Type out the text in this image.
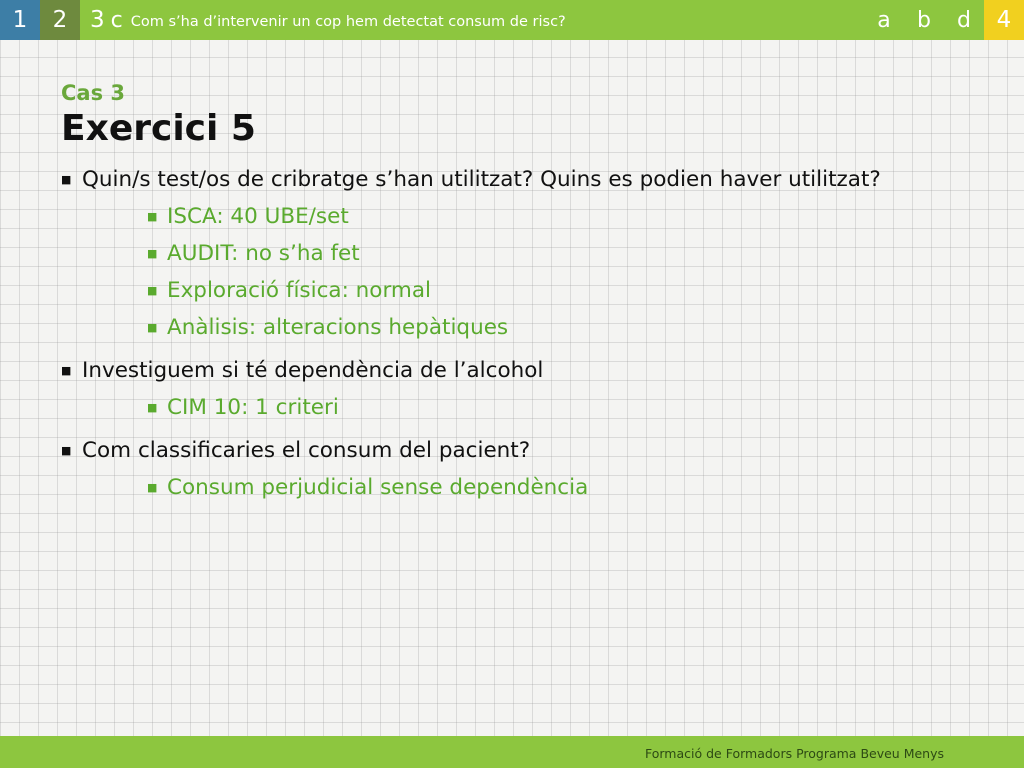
1	2 3 c Com s’ha d’intervenir un cop hem detectat consum de risc?	a	b	d	4

Cas 3

Exercici 5
■ Quin/s test/os de cribratge s’han utilitzat? Quins es podien haver utilitzat?
■ ISCA: 40 UBE/set
■ AUDIT: no s’ha fet
■ Exploració física: normal
■ Anàlisis: alteracions hepàtiques
■ Investiguem si té dependència de l’alcohol
■ CIM 10: 1 criteri
■ Com classificaries el consum del pacient?
■ Consum perjudicial sense dependència
Formació de Formadors Programa Beveu Menys
